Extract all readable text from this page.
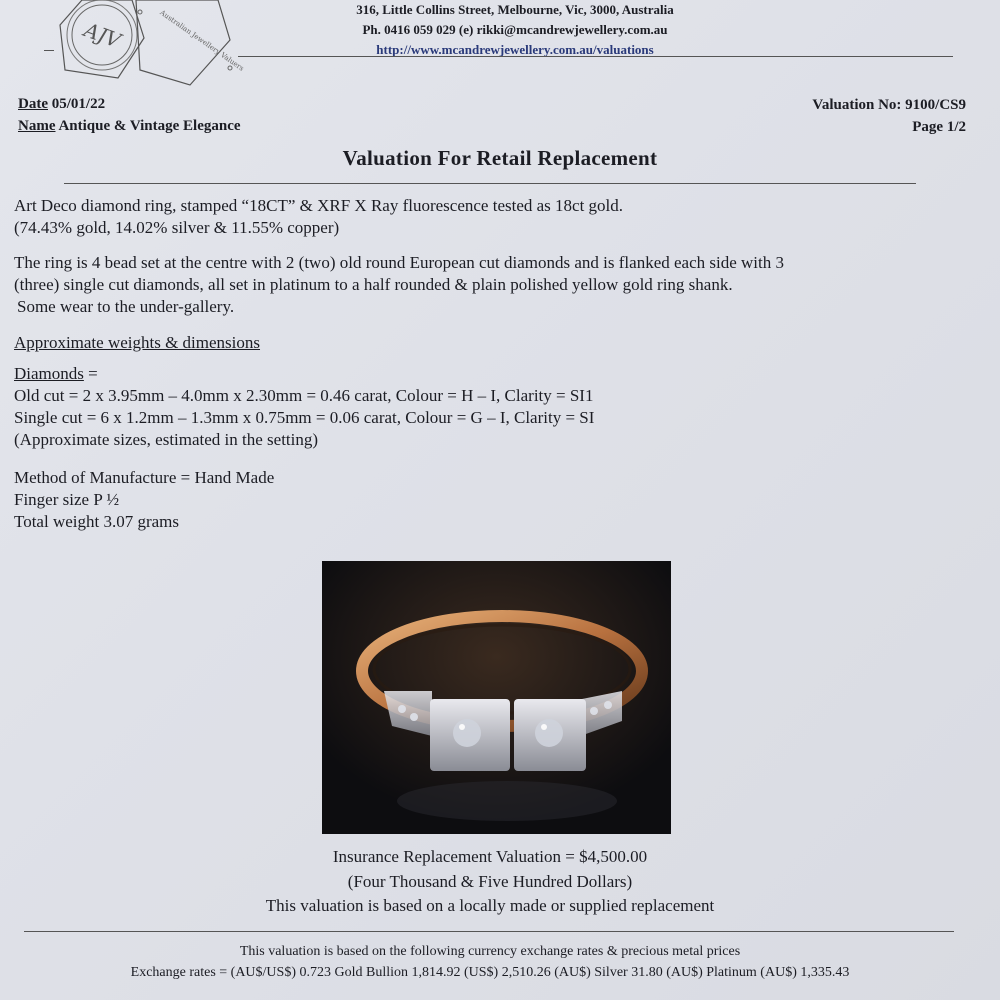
AJV	Australian Jewellery Valuers	316, Little Collins Street, Melbourne, Vic, 3000, Australia
Ph. 0416 059 029 (e) rikki@mcandrewjewellery.com.au
http://www.mcandrewjewellery.com.au/valuations
Date 05/01/22
Name Antique & Vintage Elegance
Valuation No: 9100/CS9
Page 1/2
Valuation For Retail Replacement
Art Deco diamond ring, stamped “18CT” & XRF X Ray fluorescence tested as 18ct gold.
(74.43% gold, 14.02% silver & 11.55% copper)
The ring is 4 bead set at the centre with 2 (two) old round European cut diamonds and is flanked each side with 3
(three) single cut diamonds, all set in platinum to a half rounded & plain polished yellow gold ring shank.
Some wear to the under-gallery.
Approximate weights & dimensions
Diamonds =
Old cut = 2 x 3.95mm – 4.0mm x 2.30mm = 0.46 carat, Colour = H – I, Clarity = SI1
Single cut = 6 x 1.2mm – 1.3mm x 0.75mm = 0.06 carat, Colour = G – I, Clarity = SI
(Approximate sizes, estimated in the setting)
Method of Manufacture = Hand Made
Finger size P ½
Total weight 3.07 grams
Insurance Replacement Valuation = $4,500.00
(Four Thousand & Five Hundred Dollars)
This valuation is based on a locally made or supplied replacement
This valuation is based on the following currency exchange rates & precious metal prices
Exchange rates = (AU$/US$) 0.723 Gold Bullion 1,814.92 (US$) 2,510.26 (AU$) Silver 31.80 (AU$) Platinum (AU$) 1,335.43
